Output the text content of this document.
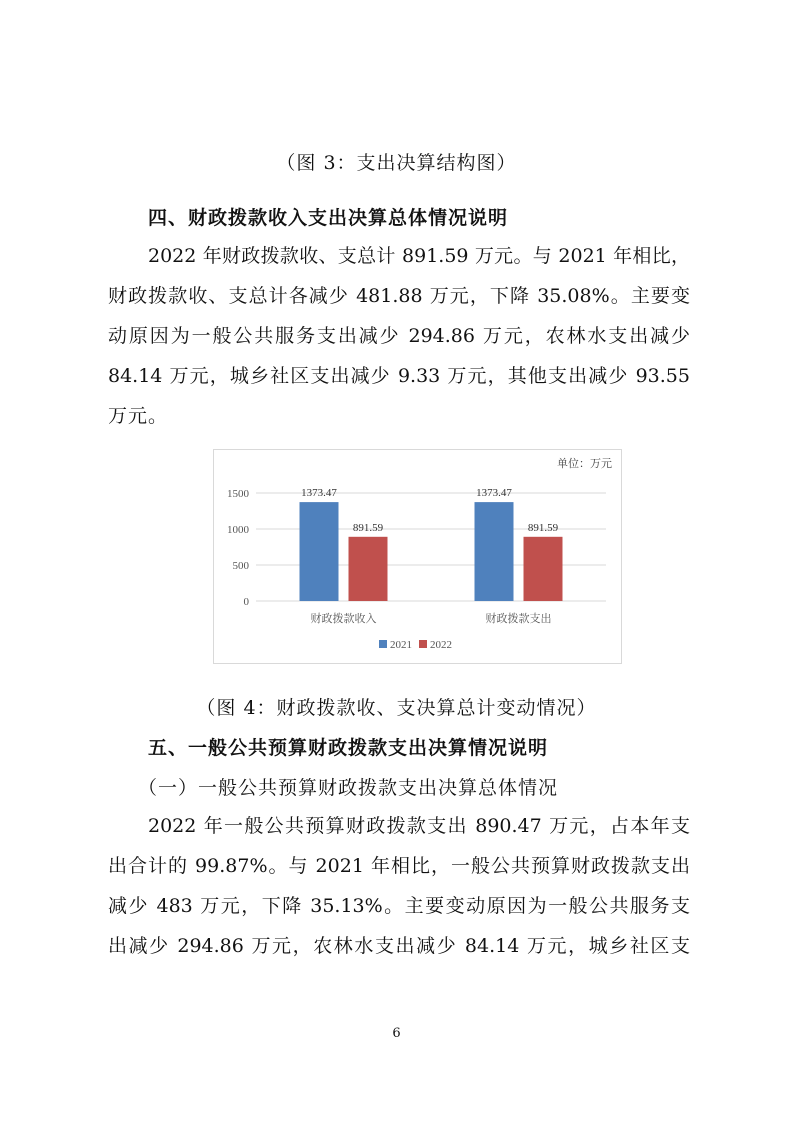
（图 3：支出决算结构图）
四、财政拨款收入支出决算总体情况说明
2022 年财政拨款收、支总计 891.59 万元。与 2021 年相比，
财政拨款收、支总计各减少 481.88 万元，下降 35.08%。主要变
动原因为一般公共服务支出减少 294.86 万元，农林水支出减少
84.14 万元，城乡社区支出减少 9.33 万元，其他支出减少 93.55
万元。
单位：万元
0
500
1000
1500	1373.47
891.59
1373.47
891.59
财政拨款收入	财政拨款支出
2021 2022
（图 4：财政拨款收、支决算总计变动情况）
五、一般公共预算财政拨款支出决算情况说明
（一）一般公共预算财政拨款支出决算总体情况
2022 年一般公共预算财政拨款支出 890.47 万元，占本年支
出合计的 99.87%。与 2021 年相比，一般公共预算财政拨款支出
减少 483 万元，下降 35.13%。主要变动原因为一般公共服务支
出减少 294.86 万元，农林水支出减少 84.14 万元，城乡社区支
6
